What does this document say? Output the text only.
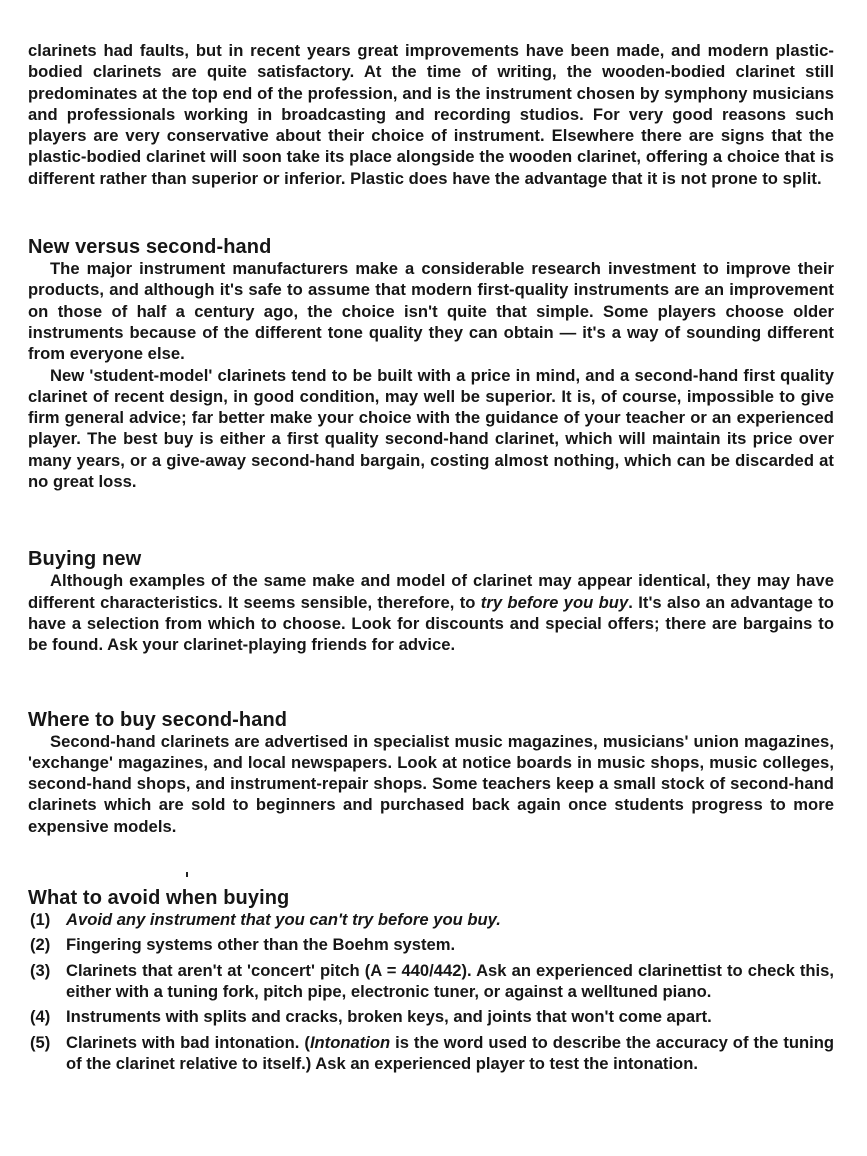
clarinets had faults, but in recent years great improvements have been made, and modern plastic-bodied clarinets are quite satisfactory. At the time of writing, the wooden-bodied clarinet still predominates at the top end of the profession, and is the instrument chosen by symphony musicians and professionals working in broadcasting and recording studios. For very good reasons such players are very conservative about their choice of instrument. Elsewhere there are signs that the plastic-bodied clarinet will soon take its place alongside the wooden clarinet, offering a choice that is different rather than superior or inferior. Plastic does have the advantage that it is not prone to split.

New versus second-hand

The major instrument manufacturers make a considerable research investment to improve their products, and although it's safe to assume that modern first-quality instruments are an improvement on those of half a century ago, the choice isn't quite that simple. Some players choose older instruments because of the different tone quality they can obtain — it's a way of sounding different from everyone else.

New 'student-model' clarinets tend to be built with a price in mind, and a second-hand first quality clarinet of recent design, in good condition, may well be superior. It is, of course, impossible to give firm general advice; far better make your choice with the guidance of your teacher or an experienced player. The best buy is either a first quality second-hand clarinet, which will maintain its price over many years, or a give-away second-hand bargain, costing almost nothing, which can be discarded at no great loss.

Buying new

Although examples of the same make and model of clarinet may appear identical, they may have different characteristics. It seems sensible, therefore, to try before you buy. It's also an advantage to have a selection from which to choose. Look for discounts and special offers; there are bargains to be found. Ask your clarinet-playing friends for advice.

Where to buy second-hand

Second-hand clarinets are advertised in specialist music magazines, musicians' union magazines, 'exchange' magazines, and local newspapers. Look at notice boards in music shops, music colleges, second-hand shops, and instrument-repair shops. Some teachers keep a small stock of second-hand clarinets which are sold to beginners and purchased back again once students progress to more expensive models.

What to avoid when buying
(1) Avoid any instrument that you can't try before you buy.
(2) Fingering systems other than the Boehm system.
(3) Clarinets that aren't at 'concert' pitch (A = 440/442). Ask an experienced clarinettist to check this, either with a tuning fork, pitch pipe, electronic tuner, or against a welltuned piano.
(4) Instruments with splits and cracks, broken keys, and joints that won't come apart.
(5) Clarinets with bad intonation. (Intonation is the word used to describe the accuracy of the tuning of the clarinet relative to itself.) Ask an experienced player to test the intonation.
